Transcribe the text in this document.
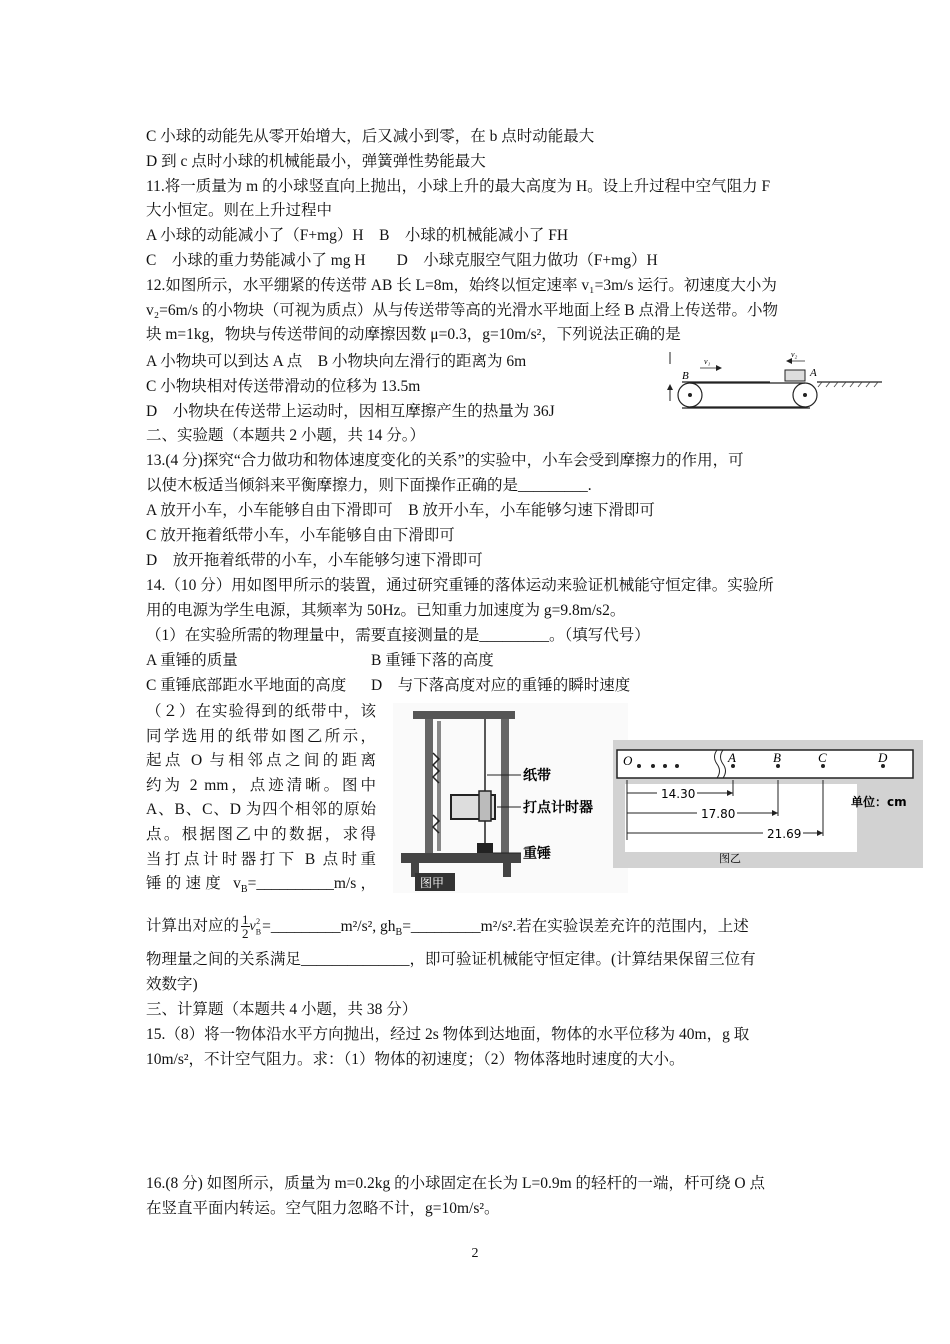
C 小球的动能先从零开始增大，后又减小到零，在 b 点时动能最大
D 到 c 点时小球的机械能最小，弹簧弹性势能最大
11.将一质量为 m 的小球竖直向上抛出，小球上升的最大高度为 H。设上升过程中空气阻力 F
大小恒定。则在上升过程中
A 小球的动能减小了（F+mg）H　B　小球的机械能减小了 FH
C　小球的重力势能减小了 mg H　　D　小球克服空气阻力做功（F+mg）H
12.如图所示，水平绷紧的传送带 AB 长 L=8m，始终以恒定速率 v₁=3m/s 运行。初速度大小为
v₂=6m/s 的小物块（可视为质点）从与传送带等高的光滑水平地面上经 B 点滑上传送带。小物
块 m=1kg，物块与传送带间的动摩擦因数 μ=0.3，g=10m/s²，下列说法正确的是
A 小物块可以到达 A 点　B 小物块向左滑行的距离为 6m
C 小物块相对传送带滑动的位移为 13.5m
D　小物块在传送带上运动时，因相互摩擦产生的热量为 36J
B	A
v₁
v₂
二、实验题（本题共 2 小题，共 14 分。）
13.(4 分)探究“合力做功和物体速度变化的关系”的实验中，小车会受到摩擦力的作用，可
以使木板适当倾斜来平衡摩擦力，则下面操作正确的是_________.
A 放开小车，小车能够自由下滑即可　B 放开小车，小车能够匀速下滑即可
C 放开拖着纸带小车，小车能够自由下滑即可
D　放开拖着纸带的小车，小车能够匀速下滑即可
14.（10 分）用如图甲所示的装置，通过研究重锤的落体运动来验证机械能守恒定律。实验所
用的电源为学生电源，其频率为 50Hz。已知重力加速度为 g=9.8m/s2。
（1）在实验所需的物理量中，需要直接测量的是_________。（填写代号）
A 重锤的质量	B 重锤下落的高度
C 重锤底部距水平地面的高度 D　与下落高度对应的重锤的瞬时速度
（２）在实验得到的纸带中，该
同学选用的纸带如图乙所示，
起点 O 与相邻点之间的距离
约为 2 mm，点迹清晰。图中
A、B、C、D 为四个相邻的原始
点。根据图乙中的数据，求得
当打点计时器打下 B 点时重
锤的速度 $v_B=\_\_\_\_\_\_\_\_\_\_m/s$，
纸带
打点计时器
重锤
图甲
O	A	B	C	D
14.30
17.80
21.69
单位：cm
图乙
计算出对应的 1
$2v_B^2$ =_________m²/s², $gh_B=\_\_\_\_\_\_\_\_\_m^2/s^2$.若在实验误差充许的范围内，上述
物理量之间的关系满足______________，即可验证机械能守恒定律。(计算结果保留三位有
效数字)
三、计算题（本题共 4 小题，共 38 分）
15.（8）将一物体沿水平方向抛出，经过 2s 物体到达地面，物体的水平位移为 40m，g 取
10m/s²，不计空气阻力。求：（1）物体的初速度；（2）物体落地时速度的大小。
16.(8 分) 如图所示，质量为 m=0.2kg 的小球固定在长为 L=0.9m 的轻杆的一端，杆可绕 O 点
在竖直平面内转运。空气阻力忽略不计，g=10m/s²。
2
